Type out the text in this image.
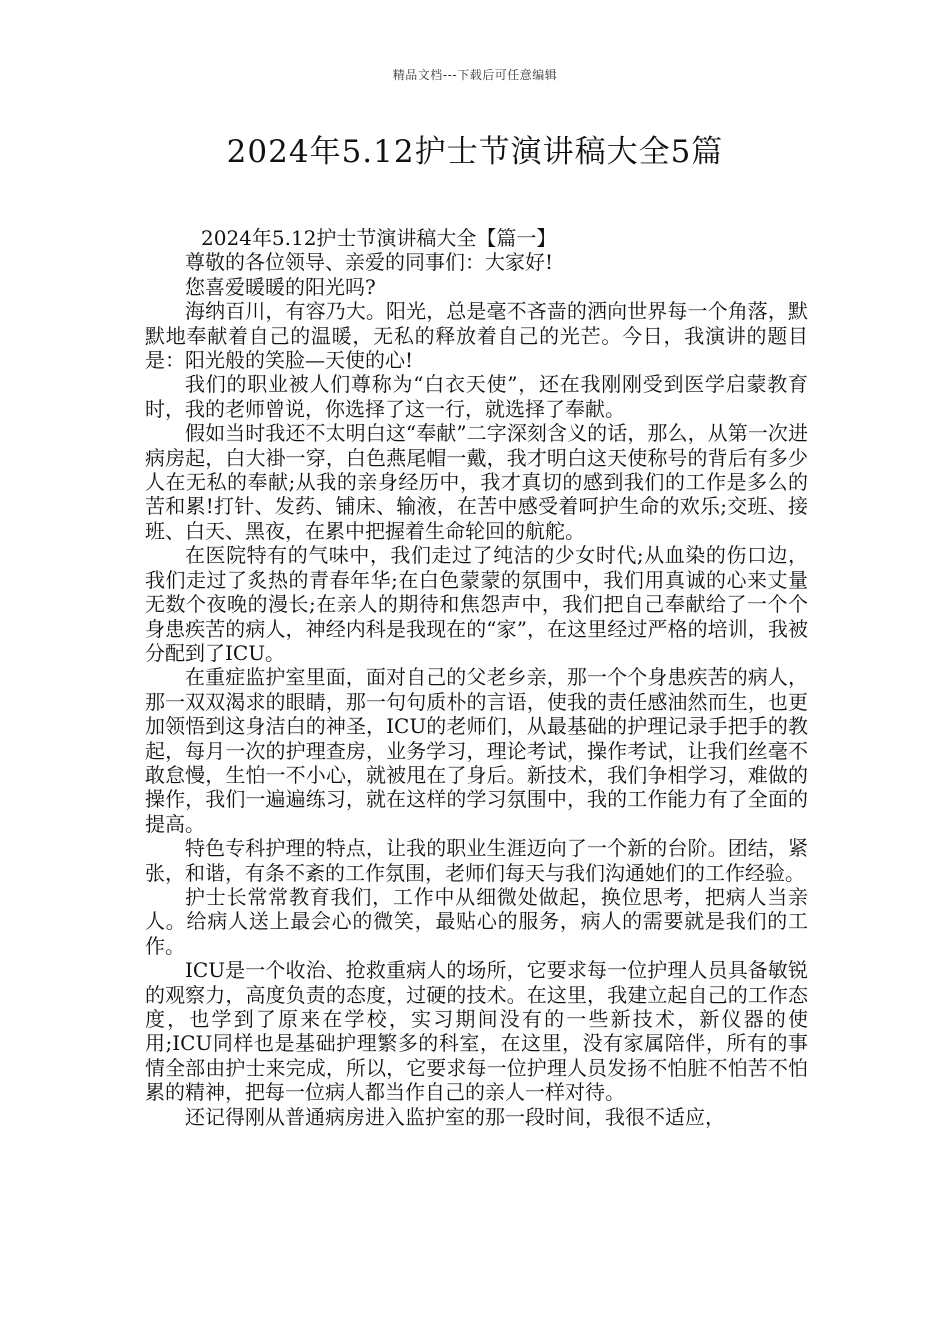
精品文档---下载后可任意编辑
2024年5.12护士节演讲稿大全5篇

2024年5.12护士节演讲稿大全【篇一】

尊敬的各位领导、亲爱的同事们：大家好!

您喜爱暖暖的阳光吗?

海纳百川，有容乃大。阳光，总是毫不吝啬的洒向世界每一个角落，默默地奉献着自己的温暖，无私的释放着自己的光芒。今日，我演讲的题目是：阳光般的笑脸—天使的心!

我们的职业被人们尊称为“白衣天使”，还在我刚刚受到医学启蒙教育时，我的老师曾说，你选择了这一行，就选择了奉献。

假如当时我还不太明白这“奉献”二字深刻含义的话，那么，从第一次进病房起，白大褂一穿，白色燕尾帽一戴，我才明白这天使称号的背后有多少人在无私的奉献;从我的亲身经历中，我才真切的感到我们的工作是多么的苦和累!打针、发药、铺床、输液，在苦中感受着呵护生命的欢乐;交班、接班、白天、黑夜，在累中把握着生命轮回的航舵。

在医院特有的气味中，我们走过了纯洁的少女时代;从血染的伤口边，我们走过了炙热的青春年华;在白色蒙蒙的氛围中，我们用真诚的心来丈量无数个夜晚的漫长;在亲人的期待和焦怨声中，我们把自己奉献给了一个个身患疾苦的病人，神经内科是我现在的“家”，在这里经过严格的培训，我被分配到了ICU。

在重症监护室里面，面对自己的父老乡亲，那一个个身患疾苦的病人，那一双双渴求的眼睛，那一句句质朴的言语，使我的责任感油然而生，也更加领悟到这身洁白的神圣，ICU的老师们，从最基础的护理记录手把手的教起，每月一次的护理查房，业务学习，理论考试，操作考试，让我们丝毫不敢怠慢，生怕一不小心，就被甩在了身后。新技术，我们争相学习，难做的操作，我们一遍遍练习，就在这样的学习氛围中，我的工作能力有了全面的提高。

特色专科护理的特点，让我的职业生涯迈向了一个新的台阶。团结，紧张，和谐，有条不紊的工作氛围，老师们每天与我们沟通她们的工作经验。

护士长常常教育我们，工作中从细微处做起，换位思考，把病人当亲人。给病人送上最会心的微笑，最贴心的服务，病人的需要就是我们的工作。

ICU是一个收治、抢救重病人的场所，它要求每一位护理人员具备敏锐的观察力，高度负责的态度，过硬的技术。在这里，我建立起自己的工作态度，也学到了原来在学校，实习期间没有的一些新技术，新仪器的使用;ICU同样也是基础护理繁多的科室，在这里，没有家属陪伴，所有的事情全部由护士来完成，所以，它要求每一位护理人员发扬不怕脏不怕苦不怕累的精神，把每一位病人都当作自己的亲人一样对待。

还记得刚从普通病房进入监护室的那一段时间，我很不适应，
